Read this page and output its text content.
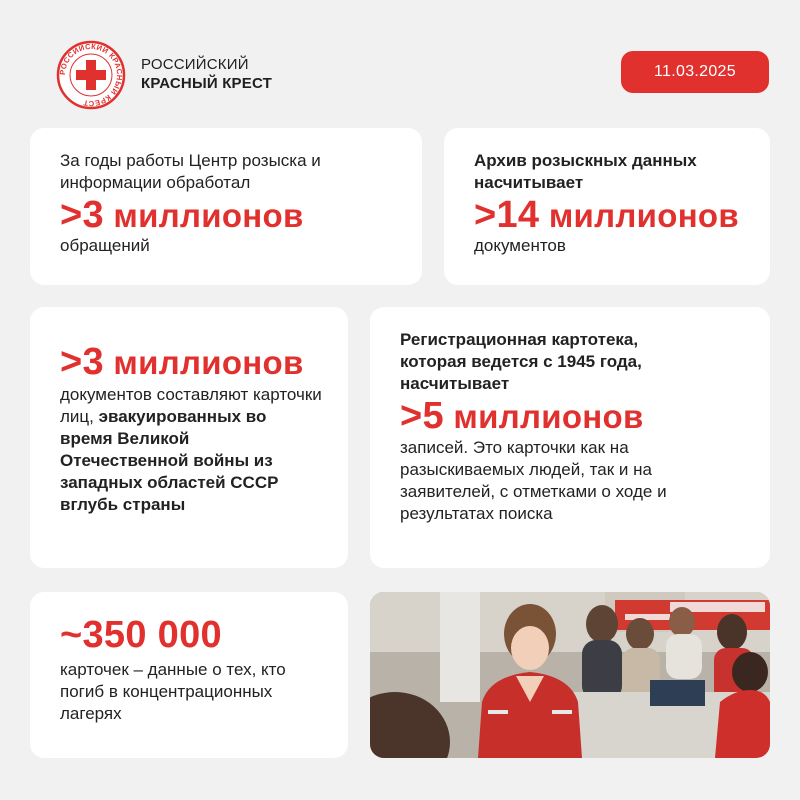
РОССИЙСКИЙ КРАСНЫЙ КРЕСТ
РОССИЙСКИЙ
КРАСНЫЙ КРЕСТ
11.03.2025

За годы работы Центр розыска и информации обработал

>3 миллионов

обращений

Архив розыскных данных насчитывает

>14 миллионов

документов

>3 миллионов

документов составляют карточки лиц, эвакуированных во время Великой Отечественной войны из западных областей СССР вглубь страны

Регистрационная картотека, которая ведется с 1945 года, насчитывает

>5 миллионов

записей. Это карточки как на разыскиваемых людей, так и на заявителей, с отметками о ходе и результатах поиска

~350 000

карточек – данные о тех, кто погиб в концентрационных лагерях
